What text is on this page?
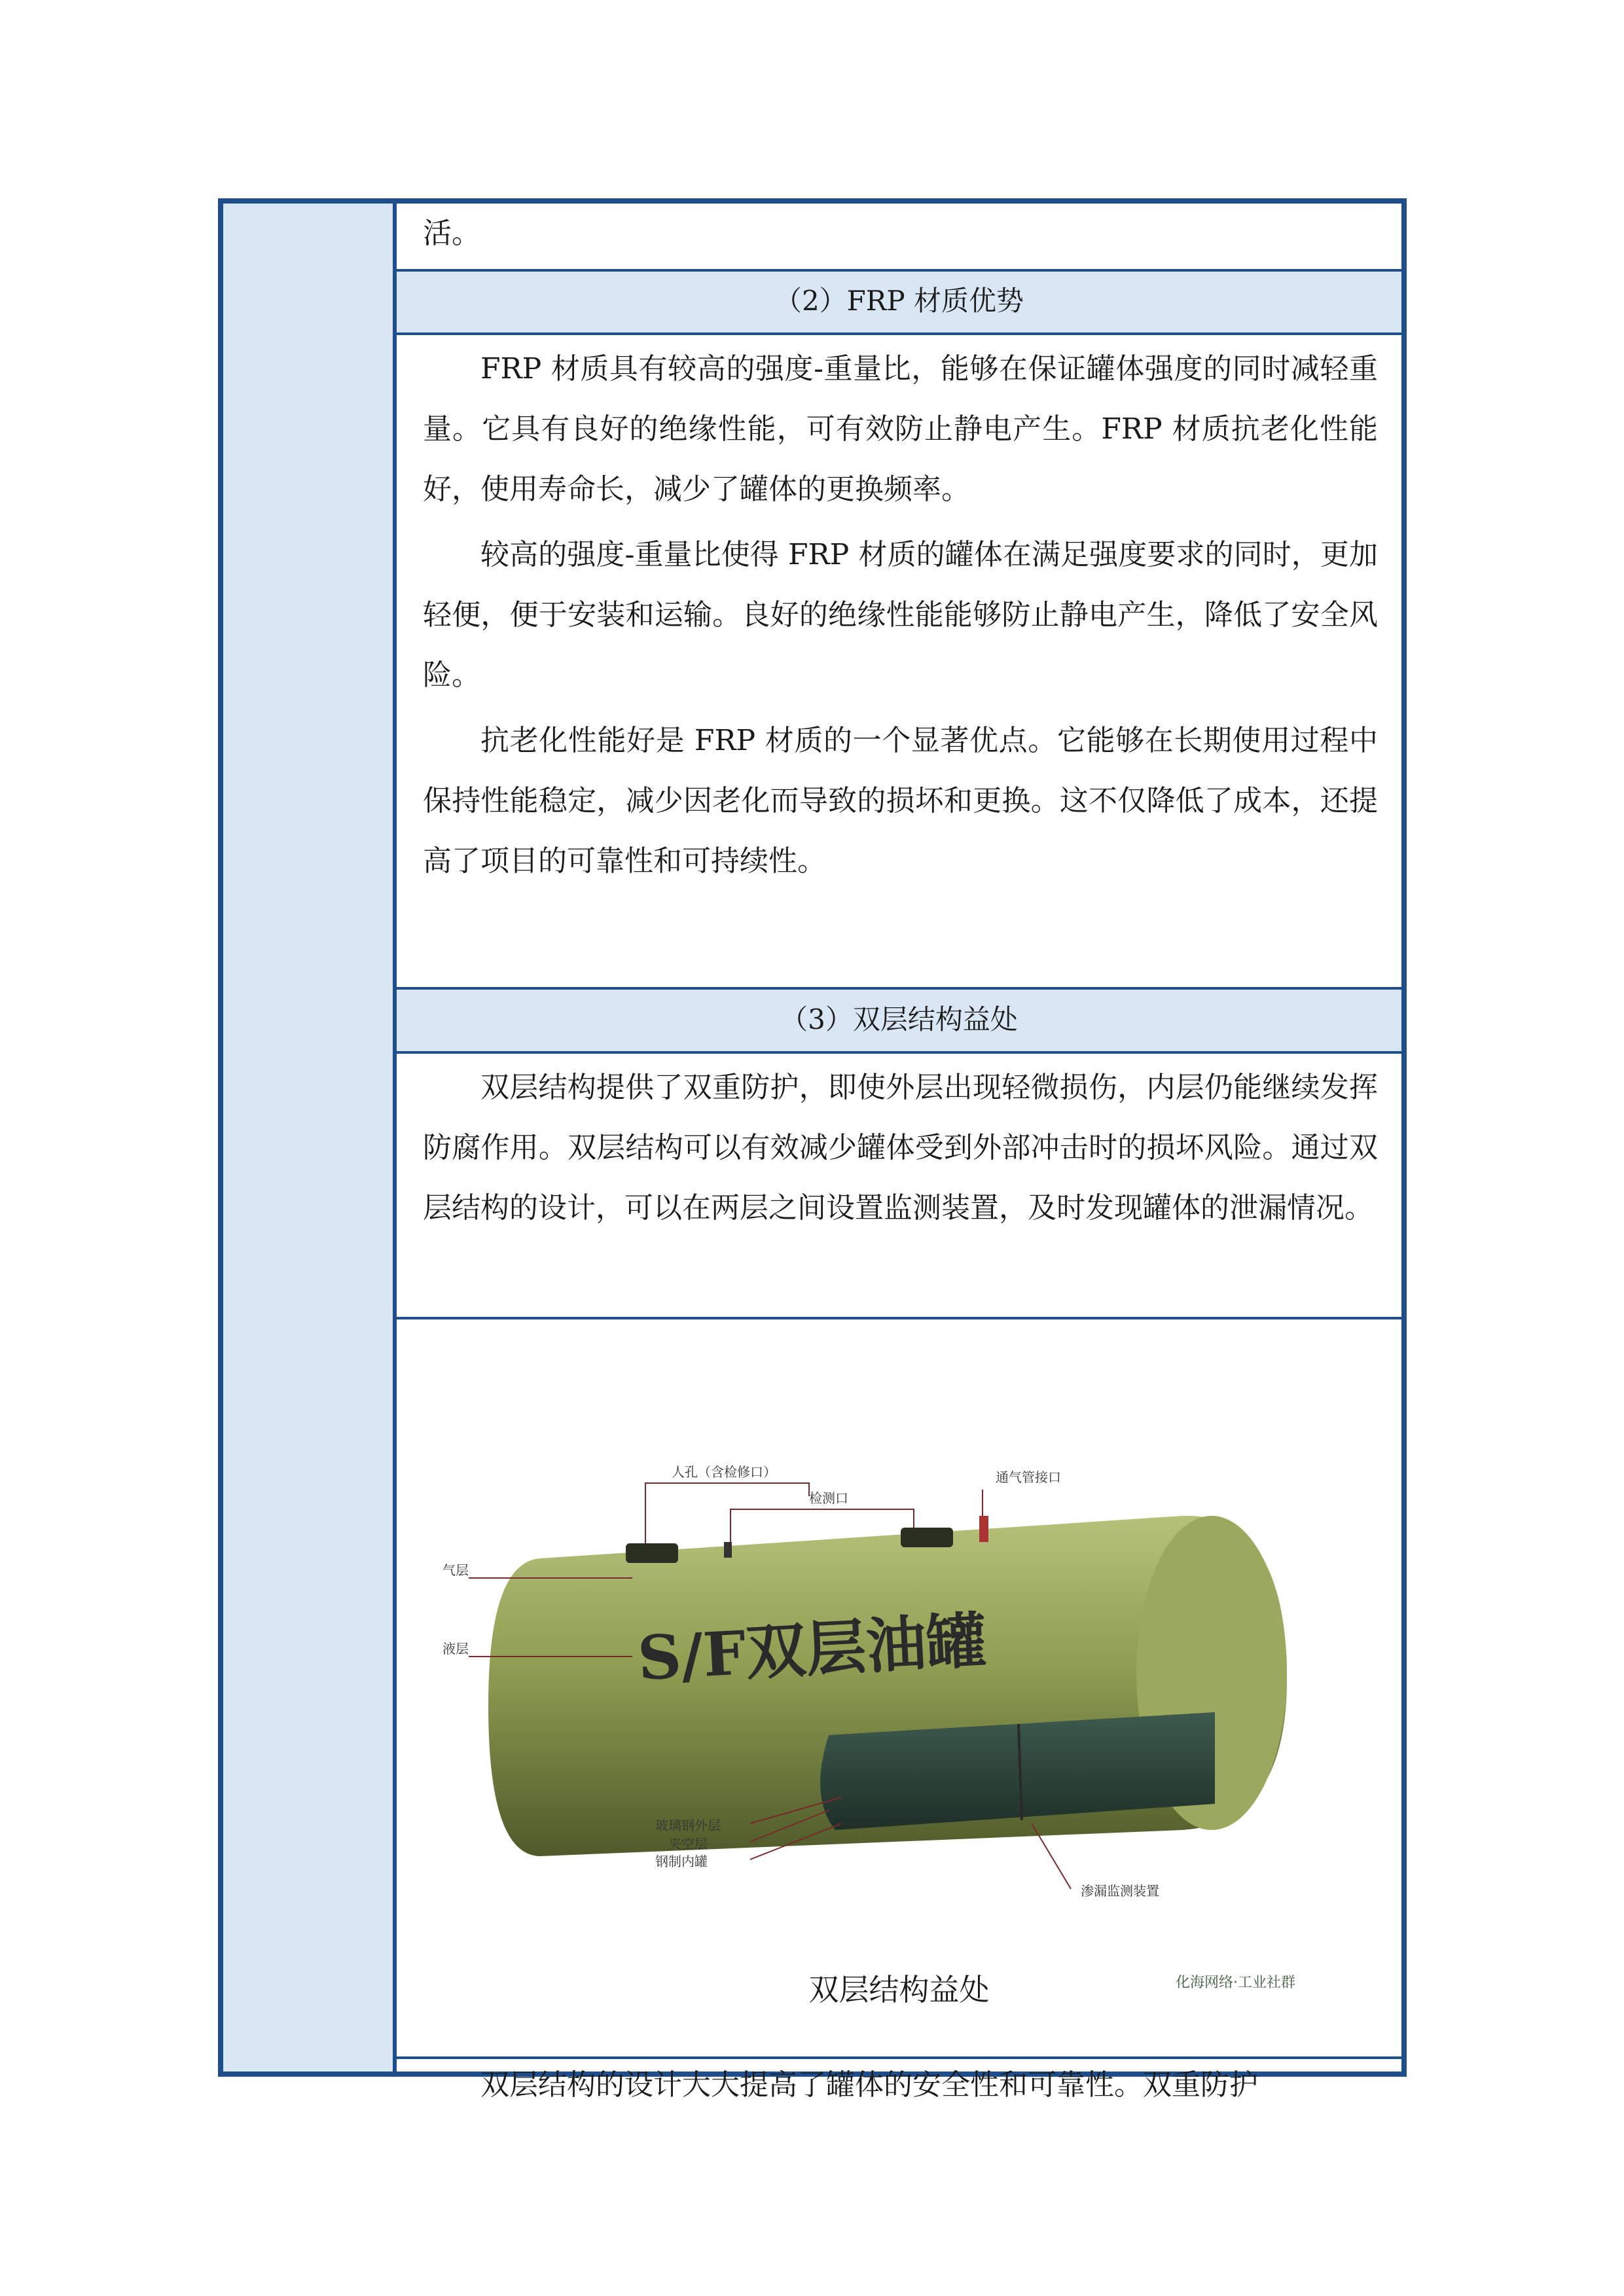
活。

（2）FRP 材质优势

FRP 材质具有较高的强度-重量比，能够在保证罐体强度的同时减轻重量。它具有良好的绝缘性能，可有效防止静电产生。FRP 材质抗老化性能好，使用寿命长，减少了罐体的更换频率。

较高的强度-重量比使得 FRP 材质的罐体在满足强度要求的同时，更加轻便，便于安装和运输。良好的绝缘性能能够防止静电产生，降低了安全风险。

抗老化性能好是 FRP 材质的一个显著优点。它能够在长期使用过程中保持性能稳定，减少因老化而导致的损坏和更换。这不仅降低了成本，还提高了项目的可靠性和可持续性。

（3）双层结构益处

双层结构提供了双重防护，即使外层出现轻微损伤，内层仍能继续发挥防腐作用。双层结构可以有效减少罐体受到外部冲击时的损坏风险。通过双层结构的设计，可以在两层之间设置监测装置，及时发现罐体的泄漏情况。

人孔（含检修口）
检测口
通气管接口
气层
液层
玻璃钢外层
夹空层
钢制内罐
渗漏监测装置
化海网络·工业社群
S/F双层油罐
双层结构益处

双层结构的设计大大提高了罐体的安全性和可靠性。双重防护
